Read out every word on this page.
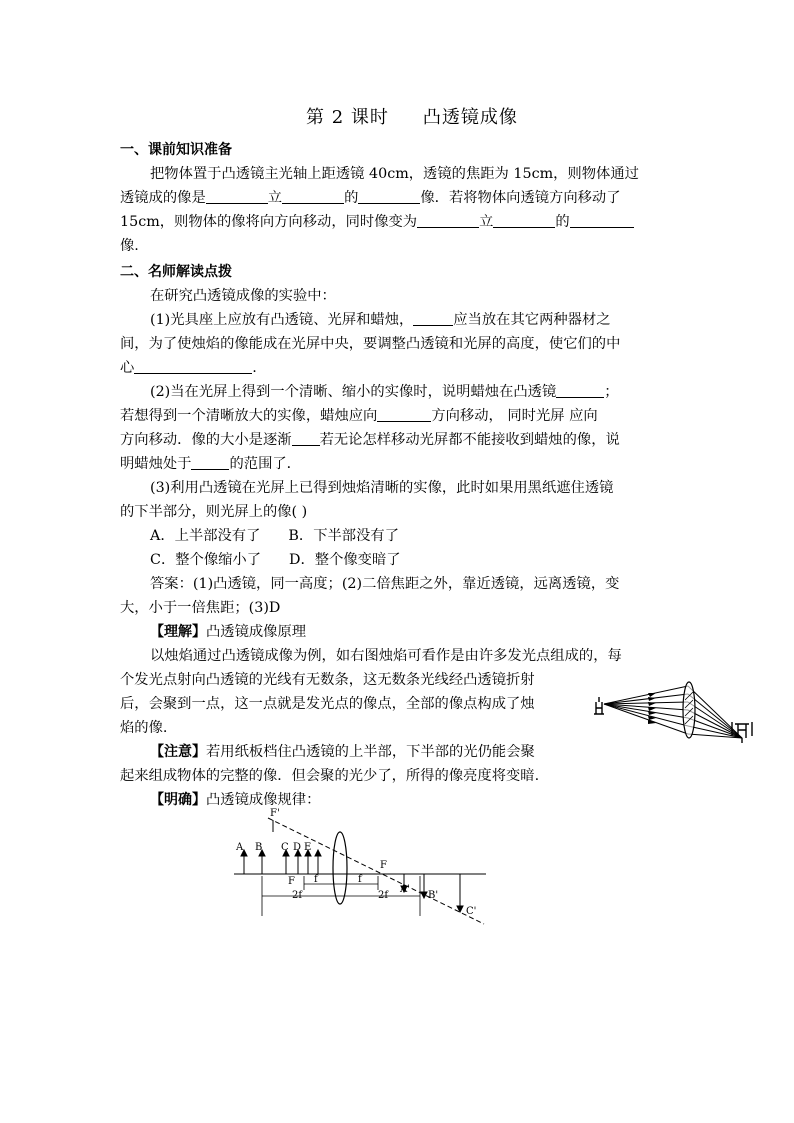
第 2 课时 凸透镜成像
一、课前知识准备
把物体置于凸透镜主光轴上距透镜 40cm，透镜的焦距为 15cm，则物体通过
透镜成的像是	立	的	像．若将物体向透镜方向移动了
15cm，则物体的像将向方向移动，同时像变为	立	的
像.
二、名师解读点拨
在研究凸透镜成像的实验中：
(1)光具座上应放有凸透镜、光屏和蜡烛，	应当放在其它两种器材之
间，为了使烛焰的像能成在光屏中央，要调整凸透镜和光屏的高度，使它们的中
心	.
(2)当在光屏上得到一个清晰、缩小的实像时，说明蜡烛在凸透镜	；
若想得到一个清晰放大的实像，蜡烛应向	方向移动， 同时光屏 应向
方向移动．像的大小是逐渐 若无论怎样移动光屏都不能接收到蜡烛的像，说
明蜡烛处于	的范围了．
(3)利用凸透镜在光屏上已得到烛焰清晰的实像，此时如果用黑纸遮住透镜
的下半部分，则光屏上的像( )
A．上半部没有了 B．下半部没有了
C．整个像缩小了 D．整个像变暗了
答案：(1)凸透镜，同一高度；(2)二倍焦距之外，靠近透镜，远离透镜，变
大，小于一倍焦距；(3)D
【理解】凸透镜成像原理
以烛焰通过凸透镜成像为例，如右图烛焰可看作是由许多发光点组成的，每
个发光点射向凸透镜的光线有无数条，这无数条光线经凸透镜折射
后，会聚到一点，这一点就是发光点的像点，全部的像点构成了烛
焰的像.
【注意】若用纸板档住凸透镜的上半部，下半部的光仍能会聚
起来组成物体的完整的像．但会聚的光少了，所得的像亮度将变暗.
【明确】凸透镜成像规律：
F'
A B C D E
F f	f
F
2f	2f
A'
B'
C'
